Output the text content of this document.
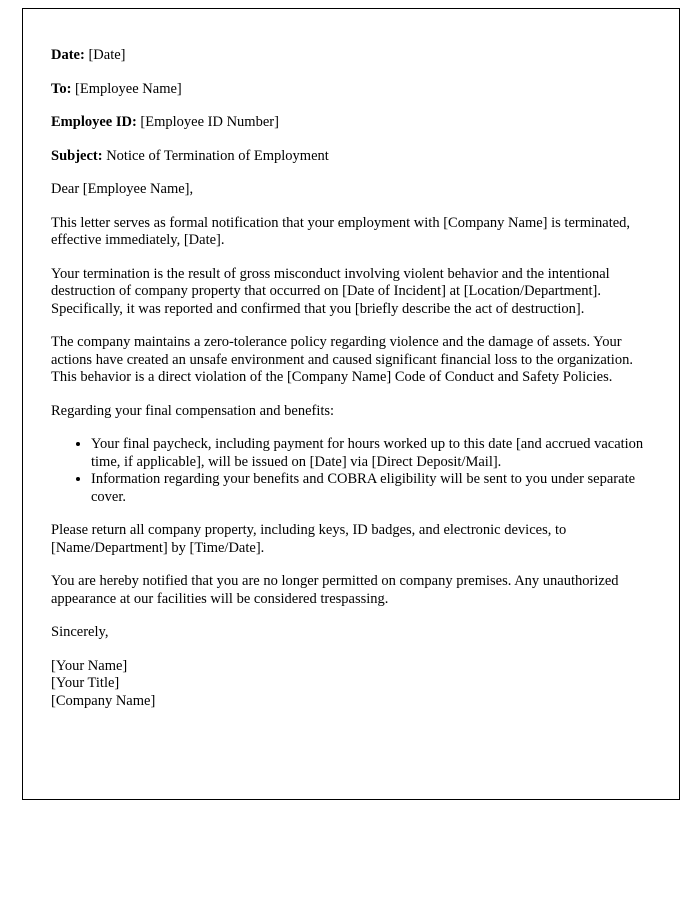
Date: [Date]

To: [Employee Name]

Employee ID: [Employee ID Number]

Subject: Notice of Termination of Employment

Dear [Employee Name],

This letter serves as formal notification that your employment with [Company Name] is terminated, effective immediately, [Date].

Your termination is the result of gross misconduct involving violent behavior and the intentional destruction of company property that occurred on [Date of Incident] at [Location/Department]. Specifically, it was reported and confirmed that you [briefly describe the act of destruction].

The company maintains a zero-tolerance policy regarding violence and the damage of assets. Your actions have created an unsafe environment and caused significant financial loss to the organization. This behavior is a direct violation of the [Company Name] Code of Conduct and Safety Policies.

Regarding your final compensation and benefits:

• Your final paycheck, including payment for hours worked up to this date [and accrued vacation time, if applicable], will be issued on [Date] via [Direct Deposit/Mail].
• Information regarding your benefits and COBRA eligibility will be sent to you under separate cover.

Please return all company property, including keys, ID badges, and electronic devices, to [Name/Department] by [Time/Date].

You are hereby notified that you are no longer permitted on company premises. Any unauthorized appearance at our facilities will be considered trespassing.

Sincerely,

[Your Name]
[Your Title]
[Company Name]
